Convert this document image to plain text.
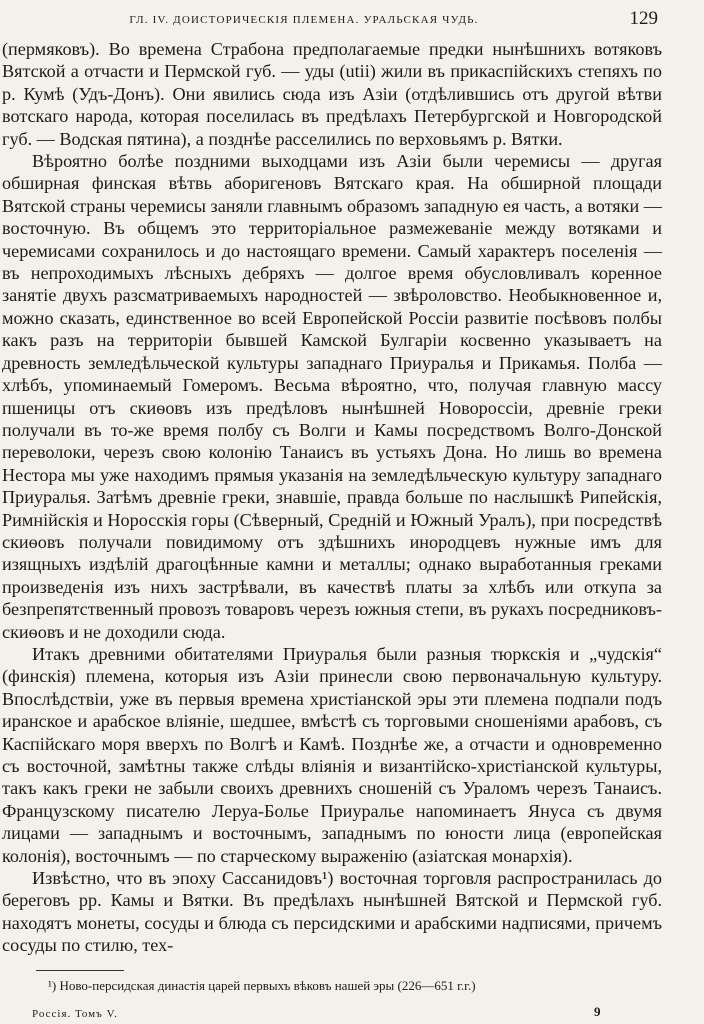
ГЛ. IV. ДОИСТОРИЧЕСКІЯ ПЛЕМЕНА. УРАЛЬСКАЯ ЧУДЬ.	129

(пермяковъ). Во времена Страбона предполагаемые предки нынѣшнихъ вотяковъ Вятской а отчасти и Пермской губ. — уды (utii) жили въ прикаспійскихъ степяхъ по р. Кумѣ (Удъ-Донъ). Они явились сюда изъ Азіи (отдѣлившись отъ другой вѣтви вотскаго народа, которая поселилась въ предѣлахъ Петербургской и Новгородской губ. — Водская пятина), а позднѣе расселились по верховьямъ р. Вятки.

Вѣроятно болѣе поздними выходцами изъ Азіи были черемисы — другая обширная финская вѣтвь аборигеновъ Вятскаго края. На обширной площади Вятской страны черемисы заняли главнымъ образомъ западную ея часть, а вотяки — восточную. Въ общемъ это территоріальное размежеваніе между вотяками и черемисами сохранилось и до настоящаго времени. Самый характеръ поселенія — въ непроходимыхъ лѣсныхъ дебряхъ — долгое время обусловливалъ коренное занятіе двухъ разсматриваемыхъ народностей — звѣроловство. Необыкновенное и, можно сказать, единственное во всей Европейской Россіи развитіе посѣвовъ полбы какъ разъ на территоріи бывшей Камской Булгаріи косвенно указываетъ на древность земледѣльческой культуры западнаго Приуралья и Прикамья. Полба — хлѣбъ, упоминаемый Гомеромъ. Весьма вѣроятно, что, получая главную массу пшеницы отъ скиѳовъ изъ предѣловъ нынѣшней Новороссіи, древніе греки получали въ то-же время полбу съ Волги и Камы посредствомъ Волго-Донской переволоки, черезъ свою колонію Танаисъ въ устьяхъ Дона. Но лишь во времена Нестора мы уже находимъ прямыя указанія на земледѣльческую культуру западнаго Приуралья. Затѣмъ древніе греки, знавшіе, правда больше по наслышкѣ Рипейскія, Римнійскія и Норосскія горы (Сѣверный, Средній и Южный Уралъ), при посредствѣ скиѳовъ получали повидимому отъ здѣшнихъ инородцевъ нужные имъ для изящныхъ издѣлій драгоцѣнные камни и металлы; однако выработанныя греками произведенія изъ нихъ застрѣвали, въ качествѣ платы за хлѣбъ или откупа за безпрепятственный провозъ товаровъ черезъ южныя степи, въ рукахъ посредниковъ-скиѳовъ и не доходили сюда.

Итакъ древними обитателями Приуралья были разныя тюркскія и „чудскія“ (финскія) племена, которыя изъ Азіи принесли свою первоначальную культуру. Впослѣдствіи, уже въ первыя времена христіанской эры эти племена подпали подъ иранское и арабское вліяніе, шедшее, вмѣстѣ съ торговыми сношеніями арабовъ, съ Каспійскаго моря вверхъ по Волгѣ и Камѣ. Позднѣе же, а отчасти и одновременно съ восточной, замѣтны также слѣды вліянія и византійско-христіанской культуры, такъ какъ греки не забыли своихъ древнихъ сношеній съ Ураломъ черезъ Танаисъ. Французскому писателю Леруа-Болье Приуралье напоминаетъ Януса съ двумя лицами — западнымъ и восточнымъ, западнымъ по юности лица (европейская колонія), восточнымъ — по старческому выраженію (азіатская монархія).

Извѣстно, что въ эпоху Сассанидовъ¹) восточная торговля распространилась до береговъ рр. Камы и Вятки. Въ предѣлахъ нынѣшней Вятской и Пермской губ. находятъ монеты, сосуды и блюда съ персидскими и арабскими надписями, причемъ сосуды по стилю, тех-

¹) Ново-персидская династія царей первыхъ вѣковъ нашей эры (226—651 г.г.)
Россія. Томъ V.	9
